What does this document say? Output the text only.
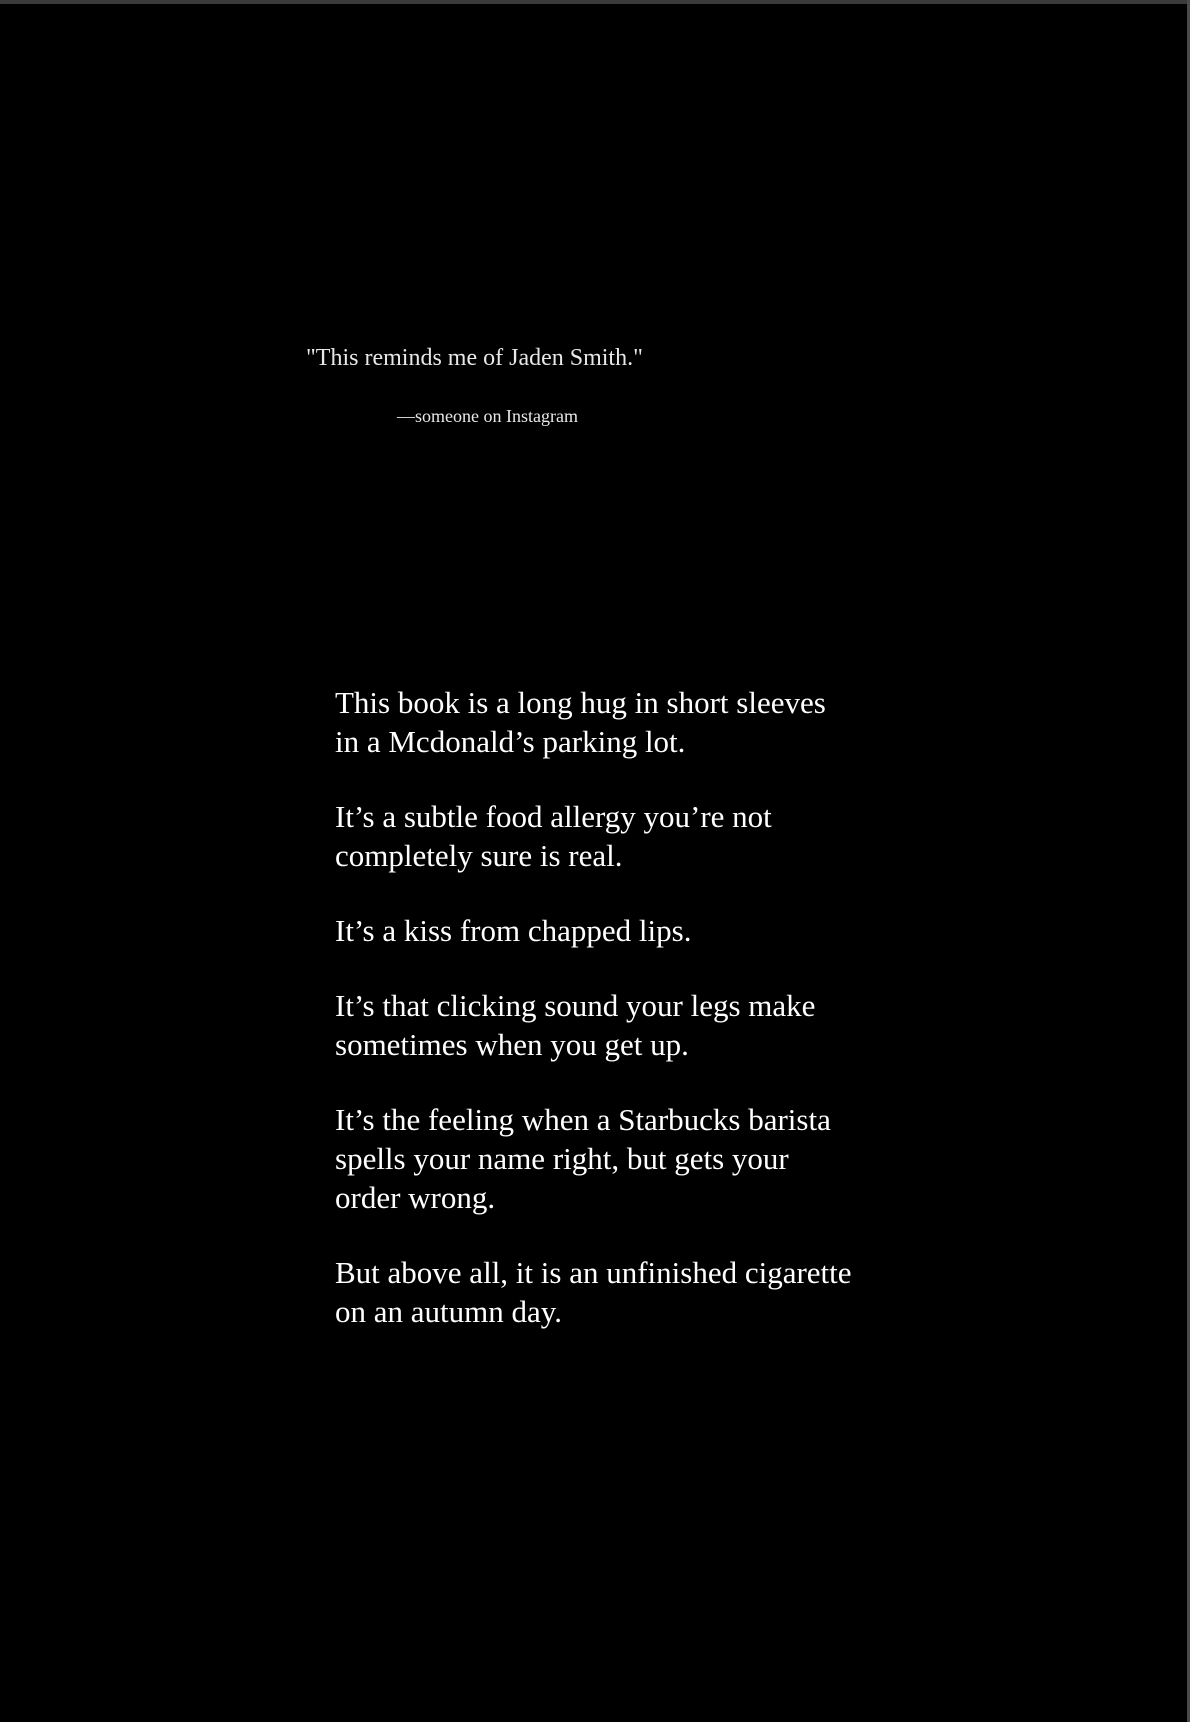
"This reminds me of Jaden Smith."
—someone on Instagram

This book is a long hug in short sleeves
in a Mcdonald’s parking lot.

It’s a subtle food allergy you’re not
completely sure is real.

It’s a kiss from chapped lips.

It’s that clicking sound your legs make
sometimes when you get up.

It’s the feeling when a Starbucks barista
spells your name right, but gets your
order wrong.

But above all, it is an unfinished cigarette
on an autumn day.
